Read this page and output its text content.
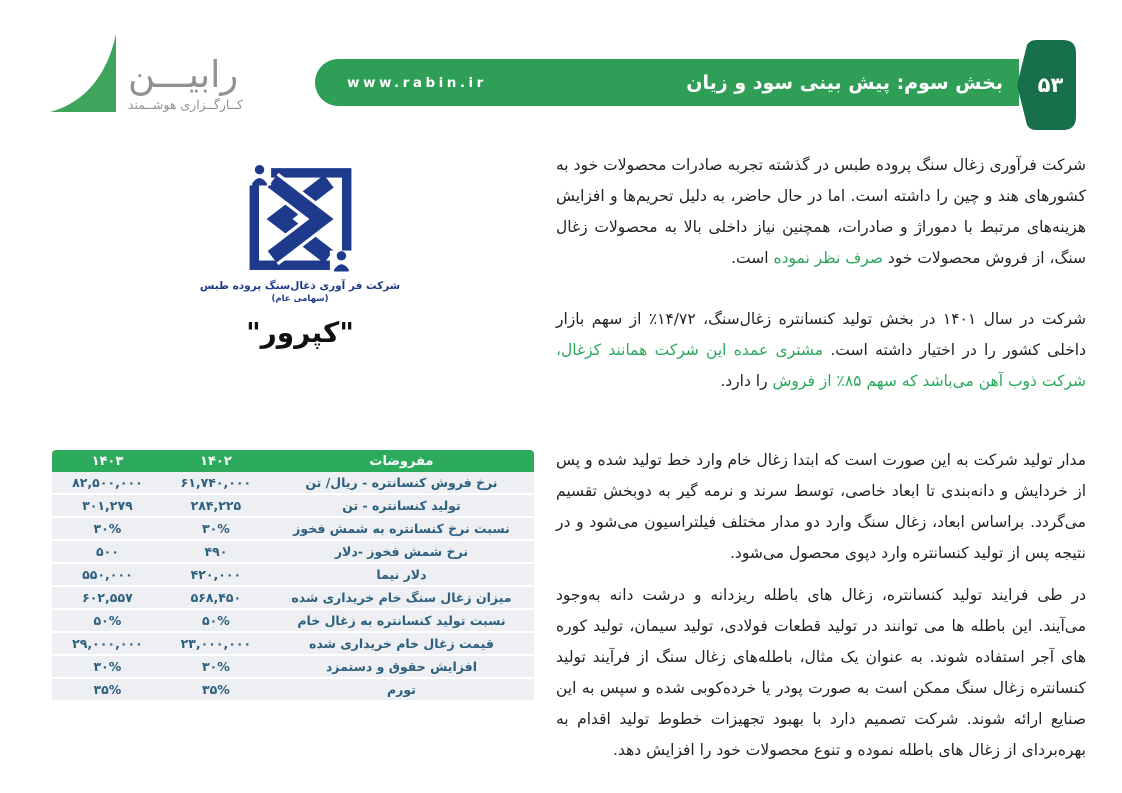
رابیـــن
کــارگــزاری هوشــمند
www.rabin.ir	بخش سوم: پیش بینی سود و زیان	۵۳
شرکت فر آوری ذغال‌سنگ پروده طبس
(سهامی عام)
"کپرور"
مفروضات
۱۴۰۲
۱۴۰۳
نرخ فروش کنسانتره - ریال/ تن
۶۱,۷۴۰,۰۰۰
۸۲,۵۰۰,۰۰۰
تولید کنسانتره - تن
۲۸۴,۲۲۵
۳۰۱,۲۷۹
نسبت نرخ کنسانتره به شمش فخوز
۳۰%
۳۰%
نرخ شمش فخوز -دلار
۴۹۰
۵۰۰
دلار نیما
۴۲۰,۰۰۰
۵۵۰,۰۰۰
میزان زغال سنگ خام خریداری شده
۵۶۸,۴۵۰
۶۰۲,۵۵۷
نسبت تولید کنسانتره به زغال خام
۵۰%
۵۰%
قیمت زغال خام خریداری شده
۲۳,۰۰۰,۰۰۰
۲۹,۰۰۰,۰۰۰
افزایش حقوق و دستمزد
۳۰%
۳۰%
تورم
۳۵%
۳۵%

شرکت فرآوری زغال سنگ پروده طبس در گذشته تجربه صادرات محصولات خود به کشورهای هند و چین را داشته است. اما در حال حاضر، به دلیل تحریم‌ها و افزایش هزینه‌های مرتبط با دموراژ و صادرات، همچنین نیاز داخلی بالا به محصولات زغال سنگ، از فروش محصولات خود صرف نظر نموده است.

شرکت در سال ۱۴۰۱ در بخش تولید کنسانتره زغال‌سنگ، ۱۴/۷۲٪ از سهم بازار داخلی کشور را در اختیار داشته است. مشتری عمده این شرکت همانند کزغال، شرکت ذوب آهن می‌باشد که سهم ۸۵٪ از فروش را دارد.

مدار تولید شرکت به این صورت است که ابتدا زغال خام وارد خط تولید شده و پس از خردایش و دانه‌بندی تا ابعاد خاصی، توسط سرند و نرمه گیر به دوبخش تقسیم می‌گردد. براساس ابعاد، زغال سنگ وارد دو مدار مختلف فیلتراسیون می‌شود و در نتیجه پس از تولید کنسانتره وارد دپوی محصول می‌شود.

در طی فرایند تولید کنسانتره، زغال های باطله ریزدانه و درشت دانه به‌وجود می‌آیند. این باطله ها می توانند در تولید قطعات فولادی، تولید سیمان، تولید کوره های آجر استفاده شوند. به عنوان یک مثال، باطله‌های زغال سنگ از فرآیند تولید کنسانتره زغال سنگ ممکن است به صورت پودر یا خرده‌کوبی شده و سپس به این صنایع ارائه شوند. شرکت تصمیم دارد با بهبود تجهیزات خطوط تولید اقدام به بهره‌بردای از زغال های باطله نموده و تنوع محصولات خود را افزایش دهد.
